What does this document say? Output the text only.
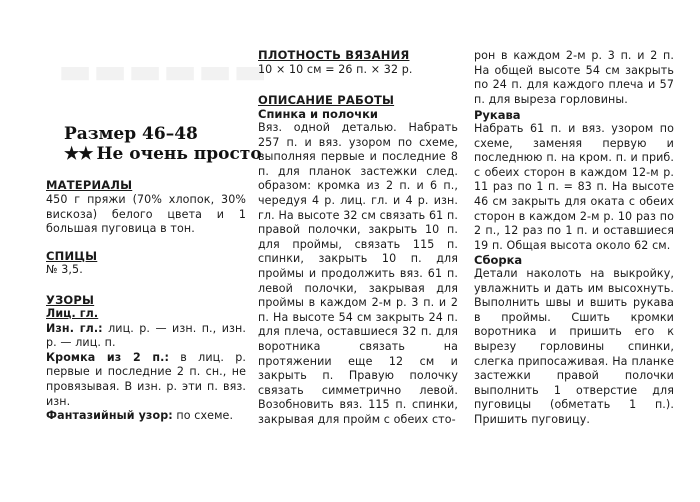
▬▬▬▬▬▬
Размер 46–48
★★ Не очень просто
МАТЕРИАЛЫ
450 г пряжи (70% хлопок, 30% вискоза) белого цвета и 1 большая пуговица в тон.
СПИЦЫ
№ 3,5.
УЗОРЫ
Лиц. гл.
Изн. гл.: лиц. р. — изн. п., изн. р. — лиц. п.
Кромка из 2 п.: в лиц. р. первые и последние 2 п. сн., не провязывая. В изн. р. эти п. вяз. изн.
Фантазийный узор: по схеме.
ПЛОТНОСТЬ ВЯЗАНИЯ
10 × 10 см = 26 п. × 32 р.
ОПИСАНИЕ РАБОТЫ
Спинка и полочки
Вяз. одной деталью. Набрать 257 п. и вяз. узором по схеме, выполняя первые и последние 8 п. для планок застежки след. образом: кромка из 2 п. и 6 п., чередуя 4 р. лиц. гл. и 4 р. изн. гл. На высоте 32 см связать 61 п. правой полочки, закрыть 10 п. для проймы, связать 115 п. спинки, закрыть 10 п. для проймы и продолжить вяз. 61 п. левой полочки, закрывая для проймы в каждом 2-м р. 3 п. и 2 п. На высоте 54 см закрыть 24 п. для плеча, оставшиеся 32 п. для воротника связать на протяжении еще 12 см и закрыть п. Правую полочку связать симметрично левой. Возобновить вяз. 115 п. спинки, закрывая для пройм с обеих сто-
рон в каждом 2-м р. 3 п. и 2 п. На общей высоте 54 см закрыть по 24 п. для каждого плеча и 57 п. для выреза горловины.
Рукава
Набрать 61 п. и вяз. узором по схеме, заменяя первую и последнюю п. на кром. п. и приб. с обеих сторон в каждом 12-м р. 11 раз по 1 п. = 83 п. На высоте 46 см закрыть для оката с обеих сторон в каждом 2-м р. 10 раз по 2 п., 12 раз по 1 п. и оставшиеся 19 п. Общая высота около 62 см.
Сборка
Детали наколоть на выкройку, увлажнить и дать им высохнуть. Выполнить швы и вшить рукава в проймы. Сшить кромки воротника и пришить его к вырезу горловины спинки, слегка припосаживая. На планке застежки правой полочки выполнить 1 отверстие для пуговицы (обметать 1 п.). Пришить пуговицу.
